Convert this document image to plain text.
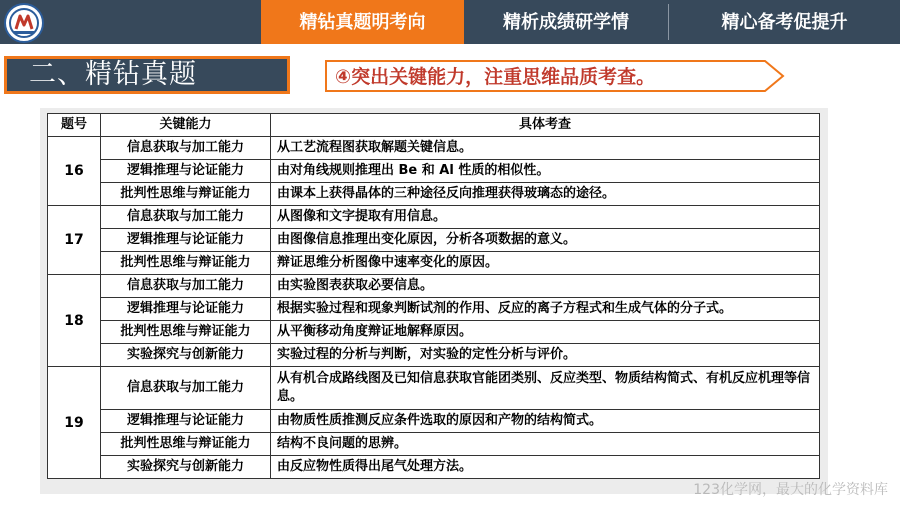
精钻真题明考向	精析成绩研学情	精心备考促提升
二、精钻真题	④突出关键能力，注重思维品质考查。
题号	关键能力	具体考查
16	信息获取与加工能力	从工艺流程图获取解题关键信息。
	逻辑推理与论证能力	由对角线规则推理出 Be 和 Al 性质的相似性。
	批判性思维与辩证能力	由课本上获得晶体的三种途径反向推理获得玻璃态的途径。
17	信息获取与加工能力	从图像和文字提取有用信息。
	逻辑推理与论证能力	由图像信息推理出变化原因，分析各项数据的意义。
	批判性思维与辩证能力	辩证思维分析图像中速率变化的原因。
18	信息获取与加工能力	由实验图表获取必要信息。
	逻辑推理与论证能力	根据实验过程和现象判断试剂的作用、反应的离子方程式和生成气体的分子式。
	批判性思维与辩证能力	从平衡移动角度辩证地解释原因。
	实验探究与创新能力	实验过程的分析与判断，对实验的定性分析与评价。
19	信息获取与加工能力	从有机合成路线图及已知信息获取官能团类别、反应类型、物质结构简式、有机反应机理等信息。
	逻辑推理与论证能力	由物质性质推测反应条件选取的原因和产物的结构简式。
	批判性思维与辩证能力	结构不良问题的思辨。
	实验探究与创新能力	由反应物性质得出尾气处理方法。
123化学网，最大的化学资料库
